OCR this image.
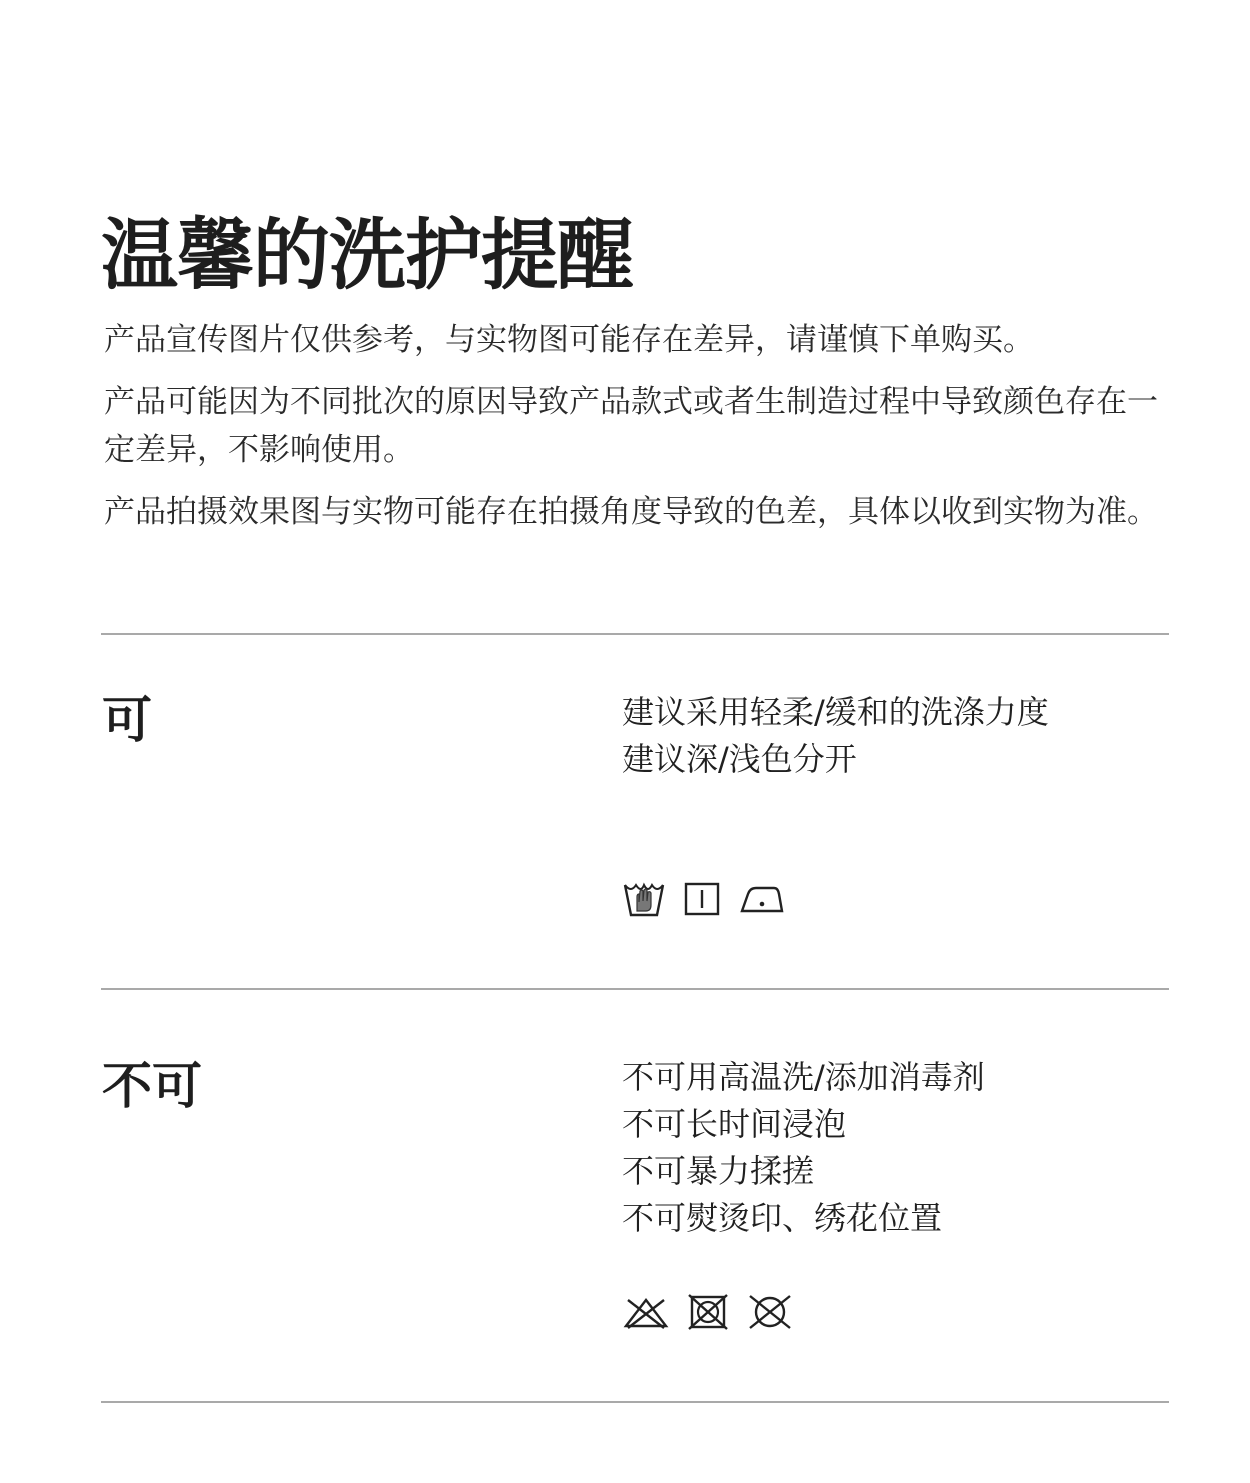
温馨的洗护提醒

产品宣传图片仅供参考，与实物图可能存在差异，请谨慎下单购买。

产品可能因为不同批次的原因导致产品款式或者生制造过程中导致颜色存在一定差异，不影响使用。

产品拍摄效果图与实物可能存在拍摄角度导致的色差，具体以收到实物为准。

可	建议采用轻柔/缓和的洗涤力度
建议深/浅色分开
不可	不可用高温洗/添加消毒剂
不可长时间浸泡
不可暴力揉搓
不可熨烫印、绣花位置
